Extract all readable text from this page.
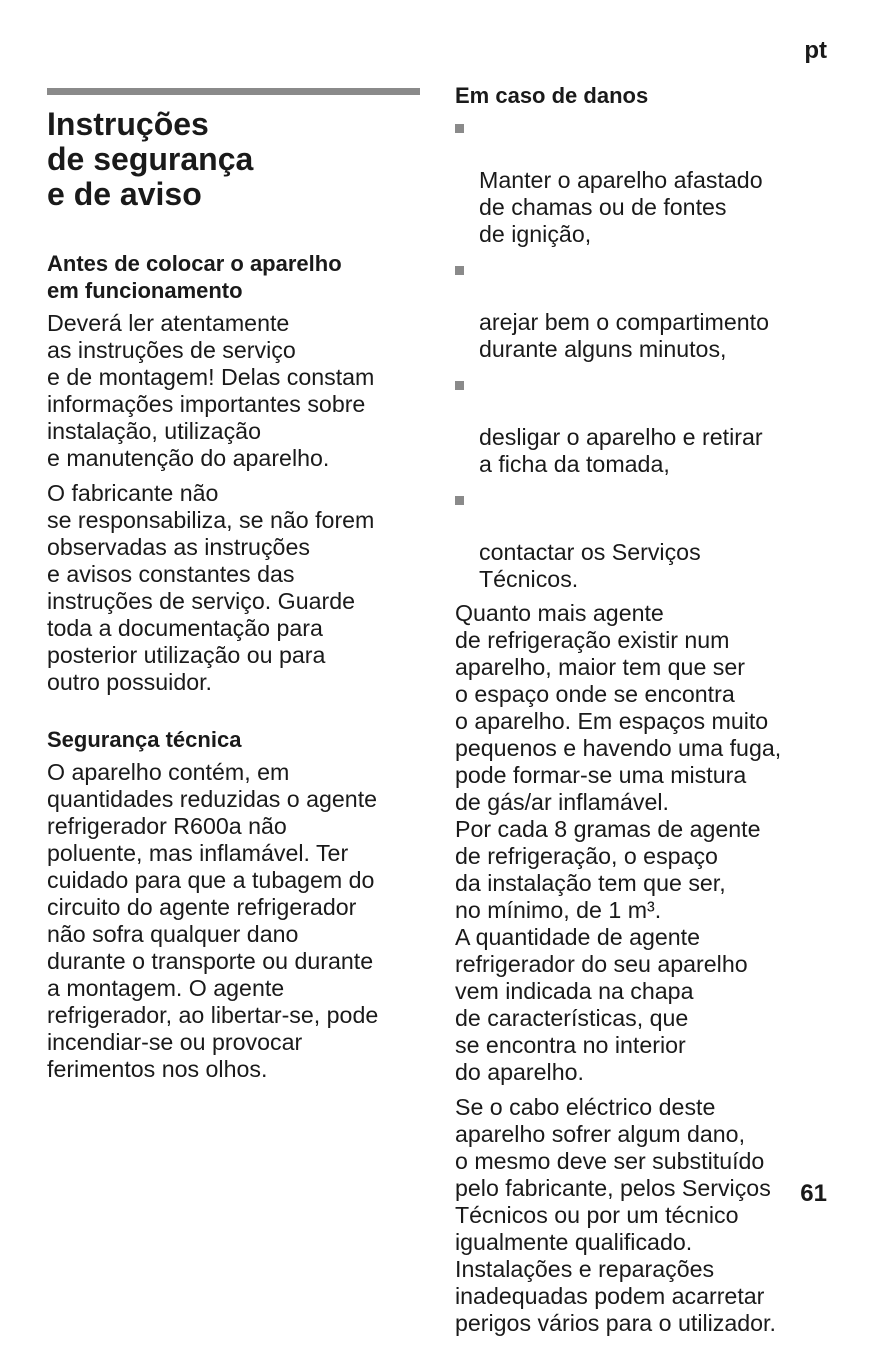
pt
Instruções
de segurança
e de aviso
Antes de colocar o aparelho
em funcionamento

Deverá ler atentamente
as instruções de serviço
e de montagem! Delas constam
informações importantes sobre
instalação, utilização
e manutenção do aparelho.

O fabricante não
se responsabiliza, se não forem
observadas as instruções
e avisos constantes das
instruções de serviço. Guarde
toda a documentação para
posterior utilização ou para
outro possuidor.

Segurança técnica

O aparelho contém, em
quantidades reduzidas o agente
refrigerador R600a não
poluente, mas inflamável. Ter
cuidado para que a tubagem do
circuito do agente refrigerador
não sofra qualquer dano
durante o transporte ou durante
a montagem. O agente
refrigerador, ao libertar-se, pode
incendiar-se ou provocar
ferimentos nos olhos.

Em caso de danos

Manter o aparelho afastado
de chamas ou de fontes
de ignição,

arejar bem o compartimento
durante alguns minutos,

desligar o aparelho e retirar
a ficha da tomada,

contactar os Serviços
Técnicos.

Quanto mais agente
de refrigeração existir num
aparelho, maior tem que ser
o espaço onde se encontra
o aparelho. Em espaços muito
pequenos e havendo uma fuga,
pode formar-se uma mistura
de gás/ar inflamável.
Por cada 8 gramas de agente
de refrigeração, o espaço
da instalação tem que ser,
no mínimo, de 1 m³.
A quantidade de agente
refrigerador do seu aparelho
vem indicada na chapa
de características, que
se encontra no interior
do aparelho.

Se o cabo eléctrico deste
aparelho sofrer algum dano,
o mesmo deve ser substituído
pelo fabricante, pelos Serviços
Técnicos ou por um técnico
igualmente qualificado.
Instalações e reparações
inadequadas podem acarretar
perigos vários para o utilizador.

61
